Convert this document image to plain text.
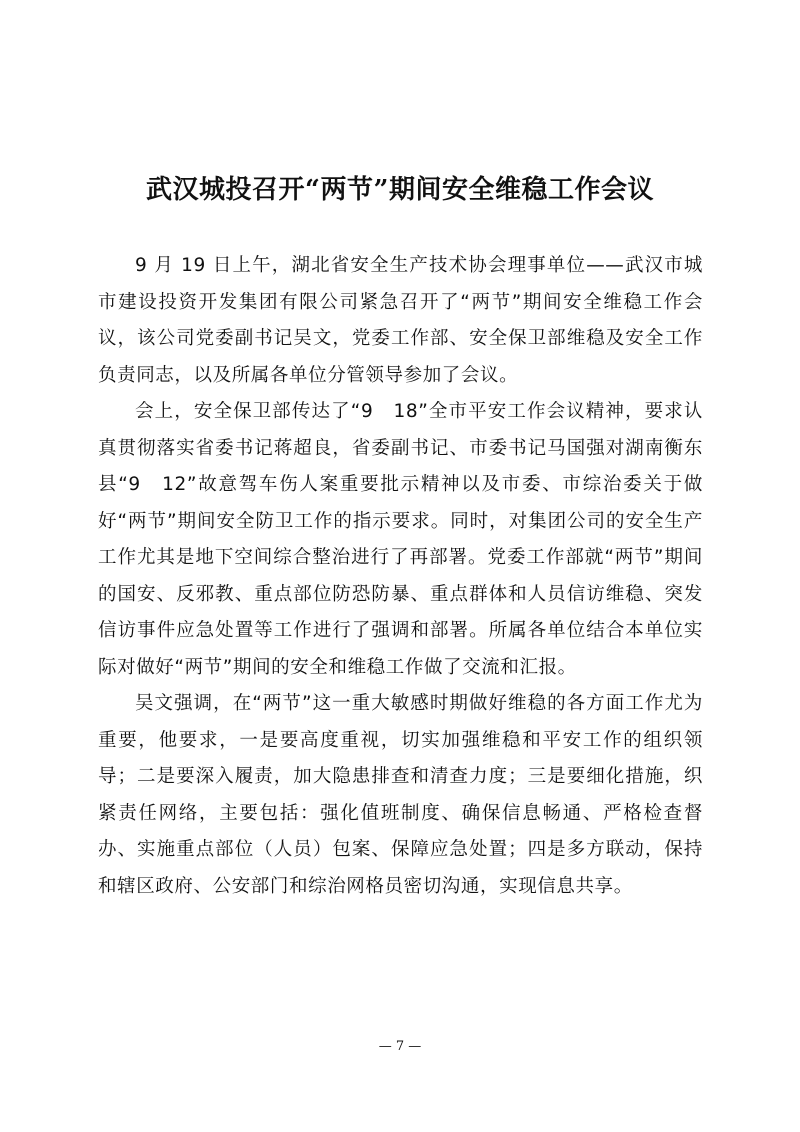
武汉城投召开“两节”期间安全维稳工作会议

9 月 19 日上午，湖北省安全生产技术协会理事单位——武汉市城市建设投资开发集团有限公司紧急召开了“两节”期间安全维稳工作会议，该公司党委副书记吴文，党委工作部、安全保卫部维稳及安全工作负责同志，以及所属各单位分管领导参加了会议。

会上，安全保卫部传达了“9　18”全市平安工作会议精神，要求认真贯彻落实省委书记蒋超良，省委副书记、市委书记马国强对湖南衡东县“9　12”故意驾车伤人案重要批示精神以及市委、市综治委关于做好“两节”期间安全防卫工作的指示要求。同时，对集团公司的安全生产工作尤其是地下空间综合整治进行了再部署。党委工作部就“两节”期间的国安、反邪教、重点部位防恐防暴、重点群体和人员信访维稳、突发信访事件应急处置等工作进行了强调和部署。所属各单位结合本单位实际对做好“两节”期间的安全和维稳工作做了交流和汇报。

吴文强调，在“两节”这一重大敏感时期做好维稳的各方面工作尤为重要，他要求，一是要高度重视，切实加强维稳和平安工作的组织领导；二是要深入履责，加大隐患排查和清查力度；三是要细化措施，织紧责任网络，主要包括：强化值班制度、确保信息畅通、严格检查督办、实施重点部位（人员）包案、保障应急处置；四是多方联动，保持和辖区政府、公安部门和综治网格员密切沟通，实现信息共享。

— 7 —
